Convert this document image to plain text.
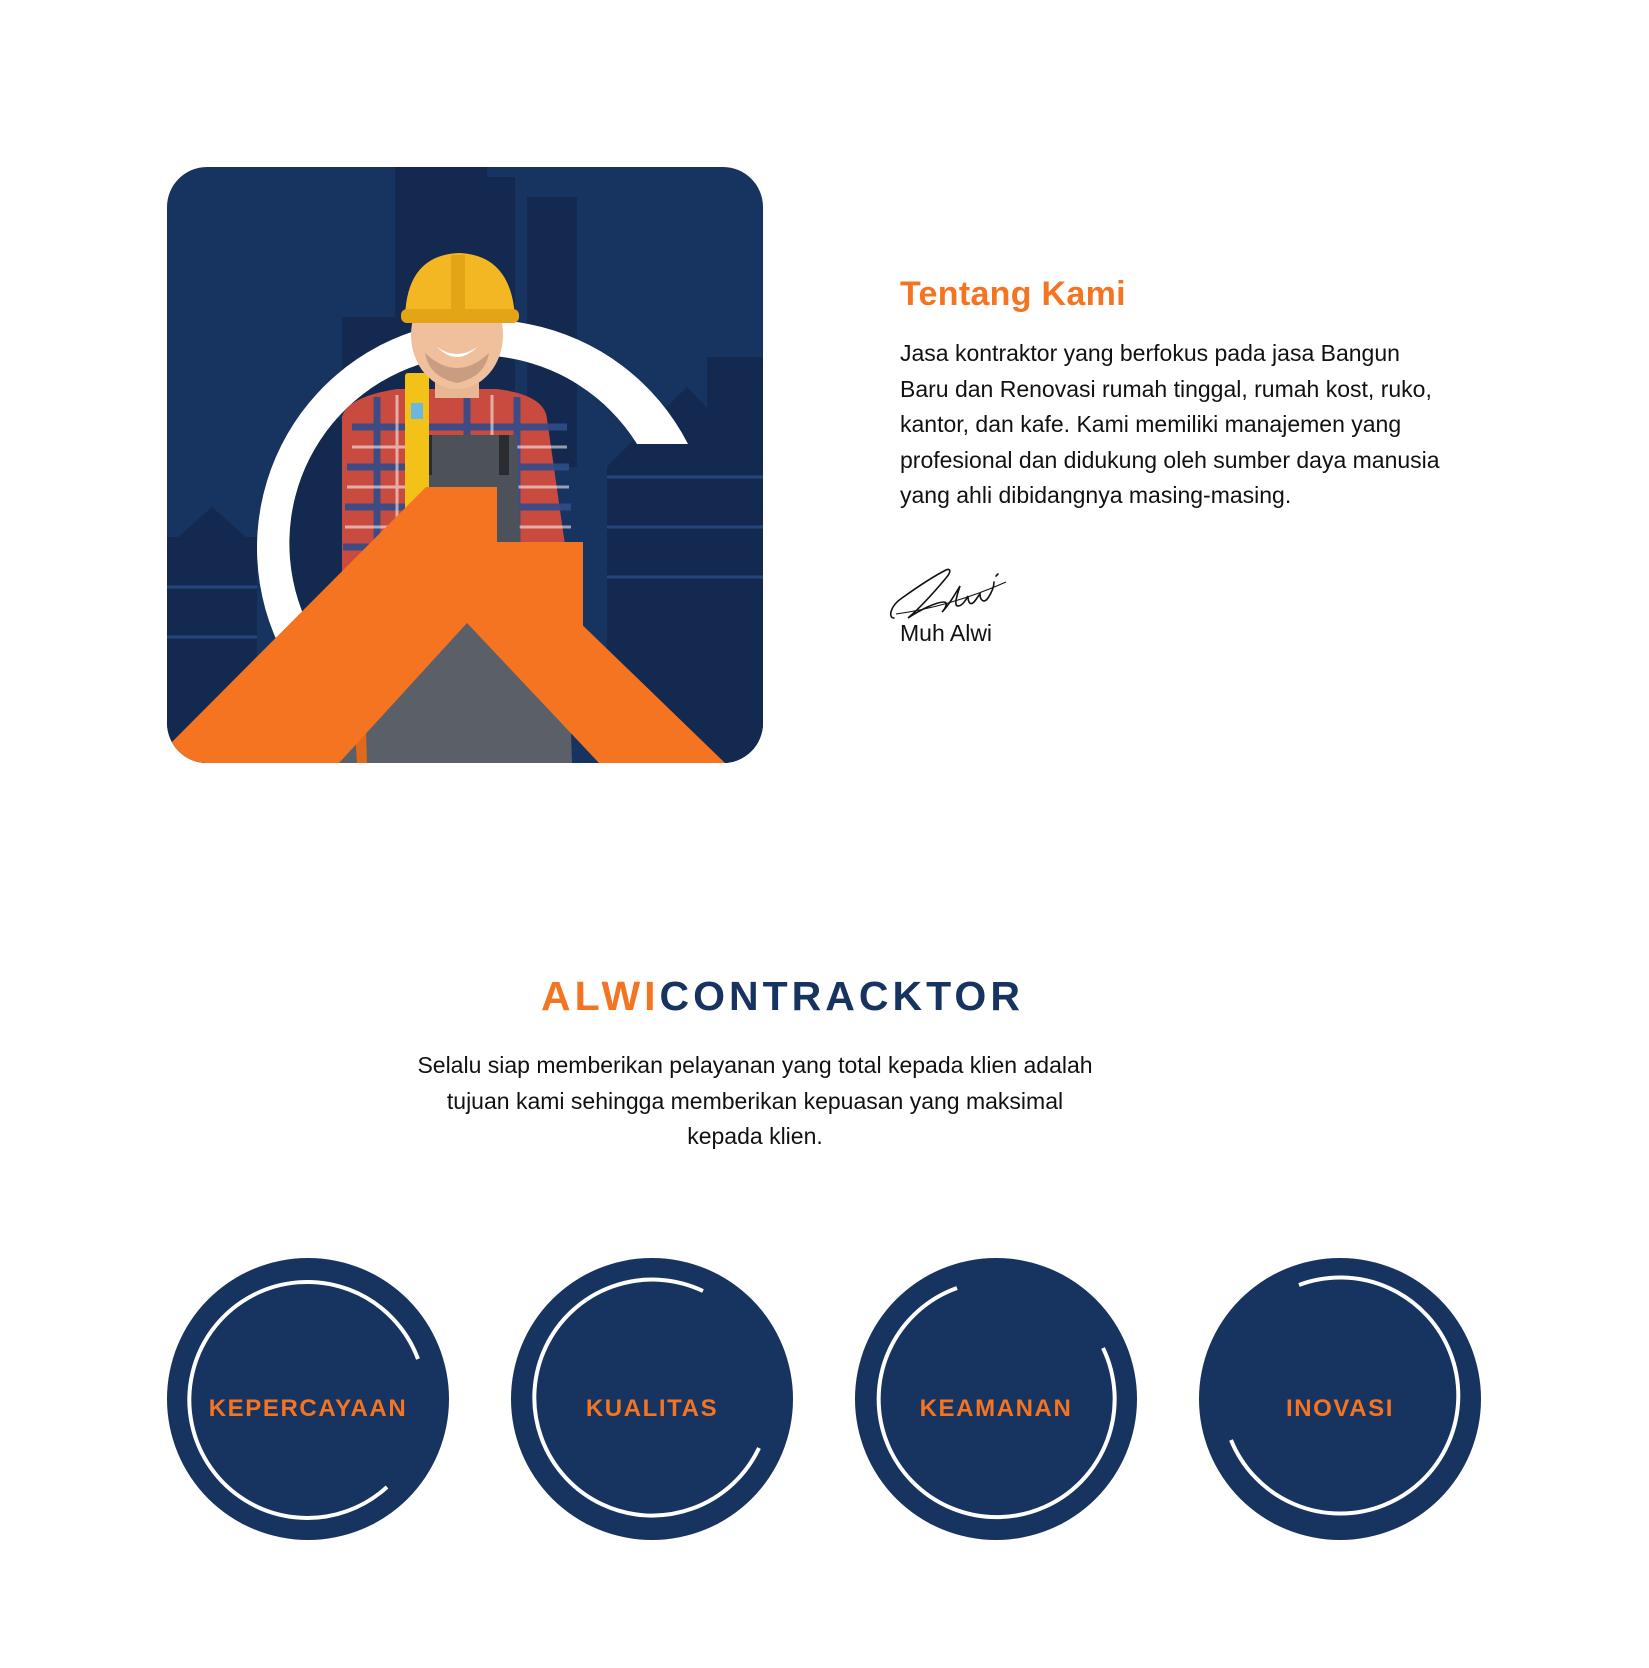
Tentang Kami

Jasa kontraktor yang berfokus pada jasa Bangun Baru dan Renovasi rumah tinggal, rumah kost, ruko, kantor, dan kafe. Kami memiliki manajemen yang profesional dan didukung oleh sumber daya manusia yang ahli dibidangnya masing-masing.

Muh Alwi

ALWICONTRACKTOR

Selalu siap memberikan pelayanan yang total kepada klien adalah tujuan kami sehingga memberikan kepuasan yang maksimal kepada klien.

KEPERCAYAAN	KUALITAS	KEAMANAN	INOVASI
